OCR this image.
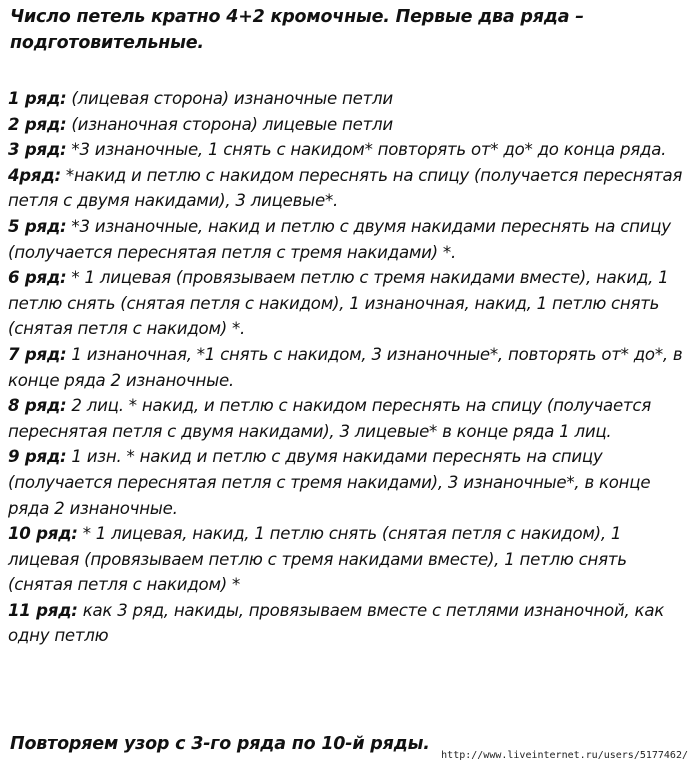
Число петель кратно 4+2 кромочные. Первые два ряда – подготовительные.

1 ряд: (лицевая сторона) изнаночные петли

2 ряд: (изнаночная сторона) лицевые петли

3 ряд: *3 изнаночные, 1 снять с накидом* повторять от* до* до конца ряда.

4ряд: *накид и петлю с накидом переснять на спицу (получается переснятая петля с двумя накидами), 3 лицевые*.

5 ряд: *3 изнаночные, накид и петлю с двумя накидами переснять на спицу (получается переснятая петля с тремя накидами) *.

6 ряд: * 1 лицевая (провязываем петлю с тремя накидами вместе), накид, 1 петлю снять (снятая петля с накидом), 1 изнаночная, накид, 1 петлю снять (снятая петля с накидом) *.

7 ряд: 1 изнаночная, *1 снять с накидом, 3 изнаночные*, повторять от* до*, в конце ряда 2 изнаночные.

8 ряд: 2 лиц. * накид, и петлю с накидом переснять на спицу (получается переснятая петля с двумя накидами), 3 лицевые* в конце ряда 1 лиц.

9 ряд: 1 изн. * накид и петлю с двумя накидами переснять на спицу (получается переснятая петля с тремя накидами), 3 изнаночные*, в конце ряда 2 изнаночные.

10 ряд: * 1 лицевая, накид, 1 петлю снять (снятая петля с накидом), 1 лицевая (провязываем петлю с тремя накидами вместе), 1 петлю снять (снятая петля с накидом) *

11 ряд: как 3 ряд, накиды, провязываем вместе с петлями изнаночной, как одну петлю

Повторяем узор с 3-го ряда по 10-й ряды.
http://www.liveinternet.ru/users/5177462/
